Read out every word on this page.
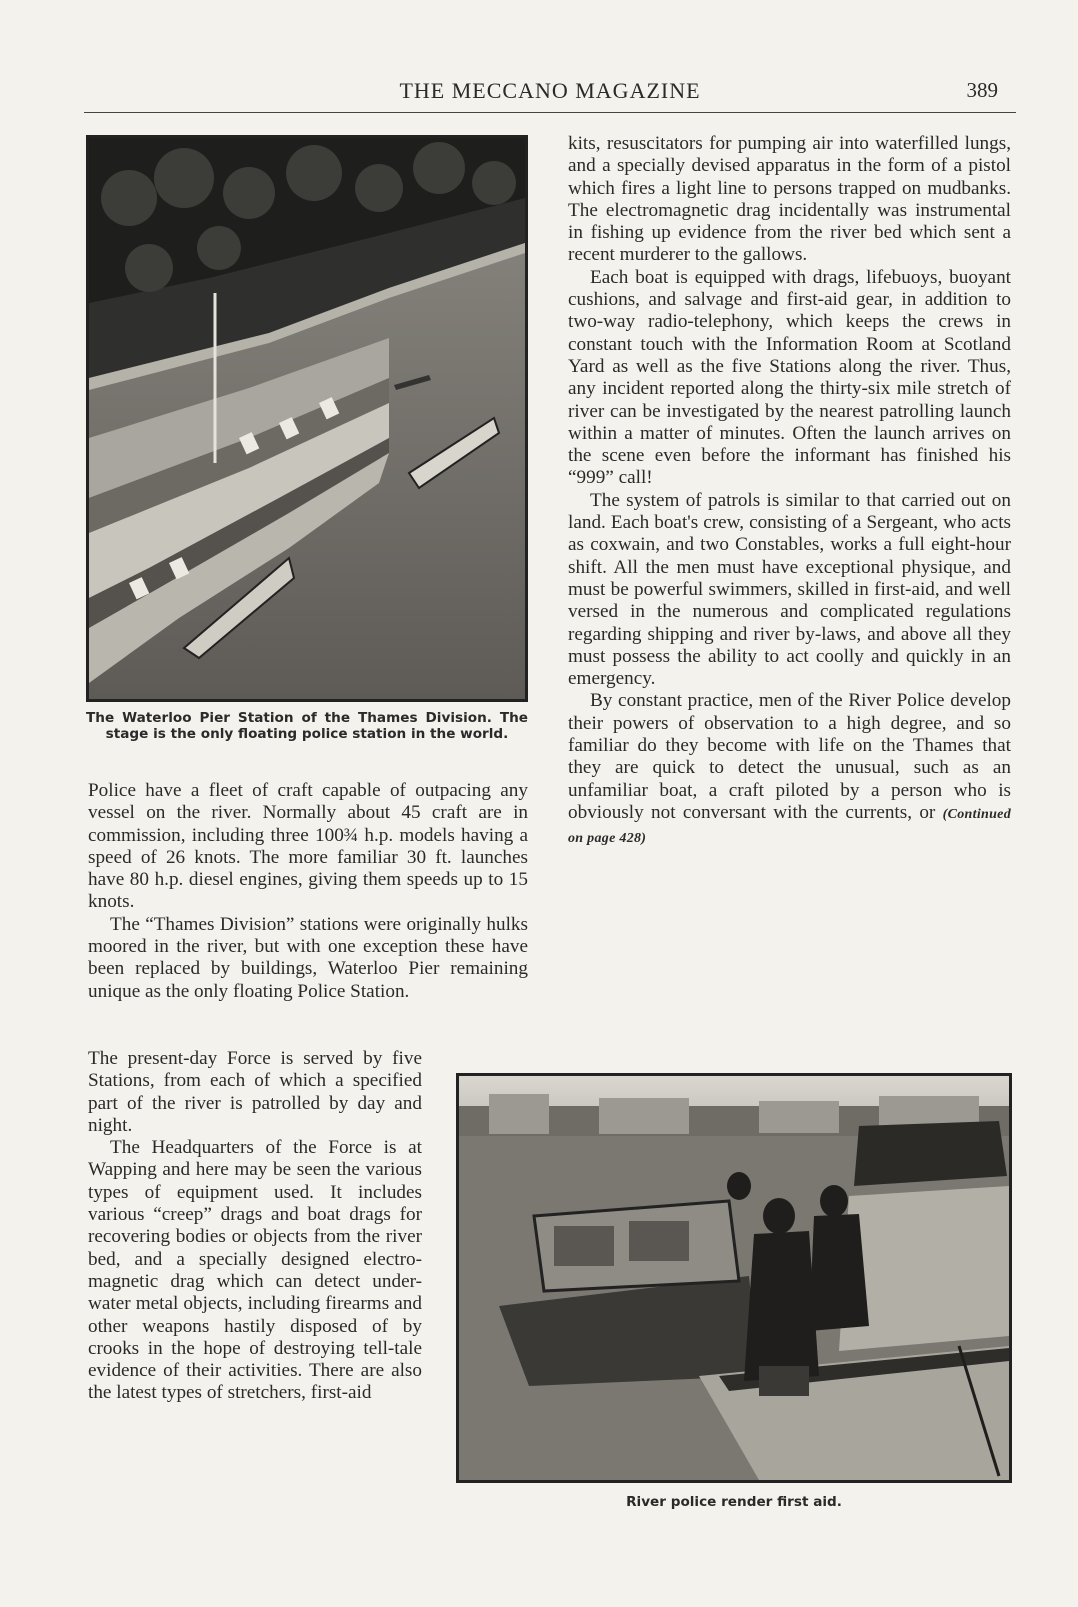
THE MECCANO MAGAZINE	389
The Waterloo Pier Station of the Thames Division. The stage is the only floating police station in the world.

Police have a fleet of craft capable of outpacing any vessel on the river. Normally about 45 craft are in commission, including three 100¾ h.p. models having a speed of 26 knots. The more familiar 30 ft. launches have 80 h.p. diesel engines, giving them speeds up to 15 knots.

The “Thames Division” stations were originally hulks moored in the river, but with one exception these have been replaced by buildings, Waterloo Pier remaining unique as the only floating Police Station.

The present-day Force is served by five Stations, from each of which a specified part of the river is patrolled by day and night.

The Headquarters of the Force is at Wapping and here may be seen the various types of equipment used. It includes various “creep” drags and boat drags for recovering bodies or objects from the river bed, and a specially designed electro-magnetic drag which can detect under-water metal objects, including firearms and other weapons hastily disposed of by crooks in the hope of destroying tell-tale evidence of their activities. There are also the latest types of stretchers, first-aid

kits, resuscitators for pumping air into waterfilled lungs, and a specially devised apparatus in the form of a pistol which fires a light line to persons trapped on mudbanks. The electromagnetic drag incidentally was instrumental in fishing up evidence from the river bed which sent a recent murderer to the gallows.

Each boat is equipped with drags, lifebuoys, buoyant cushions, and salvage and first-aid gear, in addition to two-way radio-telephony, which keeps the crews in constant touch with the Information Room at Scotland Yard as well as the five Stations along the river. Thus, any incident reported along the thirty-six mile stretch of river can be investigated by the nearest patrolling launch within a matter of minutes. Often the launch arrives on the scene even before the informant has finished his “999” call!

The system of patrols is similar to that carried out on land. Each boat's crew, consisting of a Sergeant, who acts as coxwain, and two Constables, works a full eight-hour shift. All the men must have exceptional physique, and must be powerful swimmers, skilled in first-aid, and well versed in the numerous and complicated regulations regarding shipping and river by-laws, and above all they must possess the ability to act coolly and quickly in an emergency.

By constant practice, men of the River Police develop their powers of observation to a high degree, and so familiar do they become with life on the Thames that they are quick to detect the unusual, such as an unfamiliar boat, a craft piloted by a person who is obviously not conversant with the currents, or (Continued on page 428)

River police render first aid.
